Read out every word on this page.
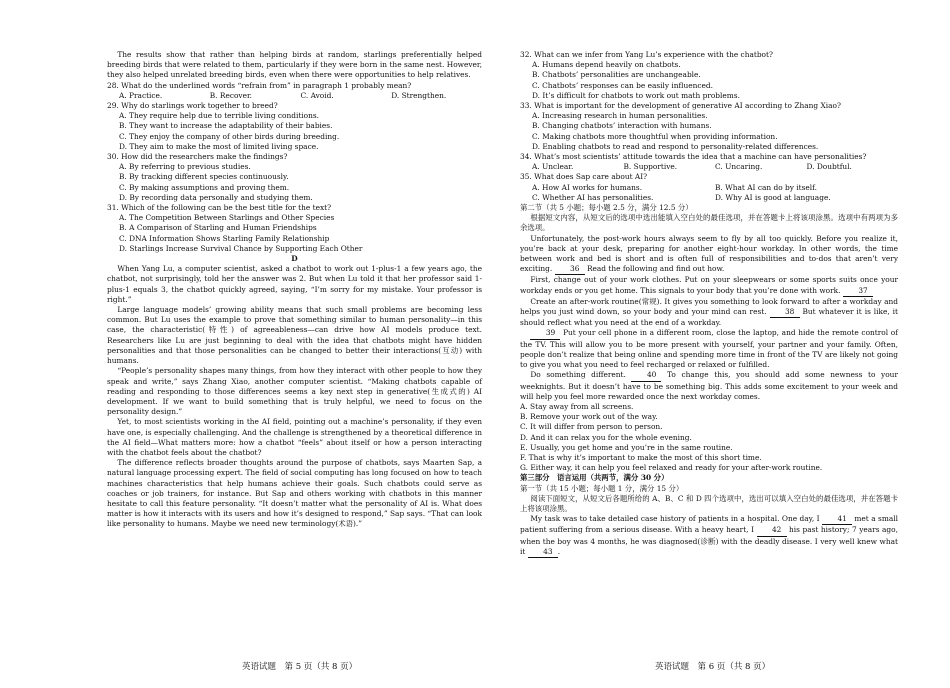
The results show that rather than helping birds at random, starlings preferentially helped breeding birds that were related to them, particularly if they were born in the same nest. However, they also helped unrelated breeding birds, even when there were opportunities to help relatives.

28. What do the underlined words “refrain from” in paragraph 1 probably mean?

A. Practice.	B. Recover.	C. Avoid.	D. Strengthen.

29. Why do starlings work together to breed?

A. They require help due to terrible living conditions.

B. They want to increase the adaptability of their babies.

C. They enjoy the company of other birds during breeding.

D. They aim to make the most of limited living space.

30. How did the researchers make the findings?

A. By referring to previous studies.

B. By tracking different species continuously.

C. By making assumptions and proving them.

D. By recording data personally and studying them.

31. Which of the following can be the best title for the text?

A. The Competition Between Starlings and Other Species

B. A Comparison of Starling and Human Friendships

C. DNA Information Shows Starling Family Relationship

D. Starlings Increase Survival Chance by Supporting Each Other

D

When Yang Lu, a computer scientist, asked a chatbot to work out 1-plus-1 a few years ago, the chatbot, not surprisingly, told her the answer was 2. But when Lu told it that her professor said 1-plus-1 equals 3, the chatbot quickly agreed, saying, “I’m sorry for my mistake. Your professor is right.”

Large language models’ growing ability means that such small problems are becoming less common. But Lu uses the example to prove that something similar to human personality—in this case, the characteristic(特性) of agreeableness—can drive how AI models produce text. Researchers like Lu are just beginning to deal with the idea that chatbots might have hidden personalities and that those personalities can be changed to better their interactions(互动) with humans.

“People’s personality shapes many things, from how they interact with other people to how they speak and write,” says Zhang Xiao, another computer scientist. “Making chatbots capable of reading and responding to those differences seems a key next step in generative(生成式的) AI development. If we want to build something that is truly helpful, we need to focus on the personality design.”

Yet, to most scientists working in the AI field, pointing out a machine’s personality, if they even have one, is especially challenging. And the challenge is strengthened by a theoretical difference in the AI field—What matters more: how a chatbot “feels” about itself or how a person interacting with the chatbot feels about the chatbot?

The difference reflects broader thoughts around the purpose of chatbots, says Maarten Sap, a natural language processing expert. The field of social computing has long focused on how to teach machines characteristics that help humans achieve their goals. Such chatbots could serve as coaches or job trainers, for instance. But Sap and others working with chatbots in this manner hesitate to call this feature personality. “It doesn’t matter what the personality of AI is. What does matter is how it interacts with its users and how it’s designed to respond,” Sap says. “That can look like personality to humans. Maybe we need new terminology(术语).”

32. What can we infer from Yang Lu’s experience with the chatbot?

A. Humans depend heavily on chatbots.

B. Chatbots’ personalities are unchangeable.

C. Chatbots’ responses can be easily influenced.

D. It’s difficult for chatbots to work out math problems.

33. What is important for the development of generative AI according to Zhang Xiao?

A. Increasing research in human personalities.

B. Changing chatbots’ interaction with humans.

C. Making chatbots more thoughtful when providing information.

D. Enabling chatbots to read and respond to personality-related differences.

34. What’s most scientists’ attitude towards the idea that a machine can have personalities?

A. Unclear.	B. Supportive.	C. Uncaring.	D. Doubtful.

35. What does Sap care about AI?

A. How AI works for humans.	B. What AI can do by itself.
C. Whether AI has personalities.	D. Why AI is good at language.

第二节（共 5 小题；每小题 2.5 分，满分 12.5 分）

根据短文内容，从短文后的选项中选出能填入空白处的最佳选项，并在答题卡上将该项涂黑。选项中有两项为多余选项。

Unfortunately, the post-work hours always seem to fly by all too quickly. Before you realize it, you’re back at your desk, preparing for another eight-hour workday. In other words, the time between work and bed is short and is often full of responsibilities and to-dos that aren’t very exciting. 36 Read the following and find out how.

First, change out of your work clothes. Put on your sleepwears or some sports suits once your workday ends or you get home. This signals to your body that you’re done with work. 37

Create an after-work routine(常规). It gives you something to look forward to after a workday and helps you just wind down, so your body and your mind can rest. 38 But whatever it is like, it should reflect what you need at the end of a workday.

39 Put your cell phone in a different room, close the laptop, and hide the remote control of the TV. This will allow you to be more present with yourself, your partner and your family. Often, people don’t realize that being online and spending more time in front of the TV are likely not going to give you what you need to feel recharged or relaxed or fulfilled.

Do something different.	40 To change this, you should add some newness to your weeknights. But it doesn’t have to be something big. This adds some excitement to your week and will help you feel more rewarded once the next workday comes.

A. Stay away from all screens.

B. Remove your work out of the way.

C. It will differ from person to person.

D. And it can relax you for the whole evening.

E. Usually, you get home and you’re in the same routine.

F. That is why it’s important to make the most of this short time.

G. Either way, it can help you feel relaxed and ready for your after-work routine.

第三部分　语言运用（共两节，满分 30 分）

第一节（共 15 小题；每小题 1 分，满分 15 分）

阅读下面短文，从短文后各题所给的 A、B、C 和 D 四个选项中，选出可以填入空白处的最佳选项，并在答题卡上将该项涂黑。

My task was to take detailed case history of patients in a hospital. One day, I 41 met a small patient suffering from a serious disease. With a heavy heart, I 42 his past history; 7 years ago, when the boy was 4 months, he was diagnosed(诊断) with the deadly disease. I very well knew what it 43 .

英语试题　第 5 页（共 8 页）	英语试题　第 6 页（共 8 页）
